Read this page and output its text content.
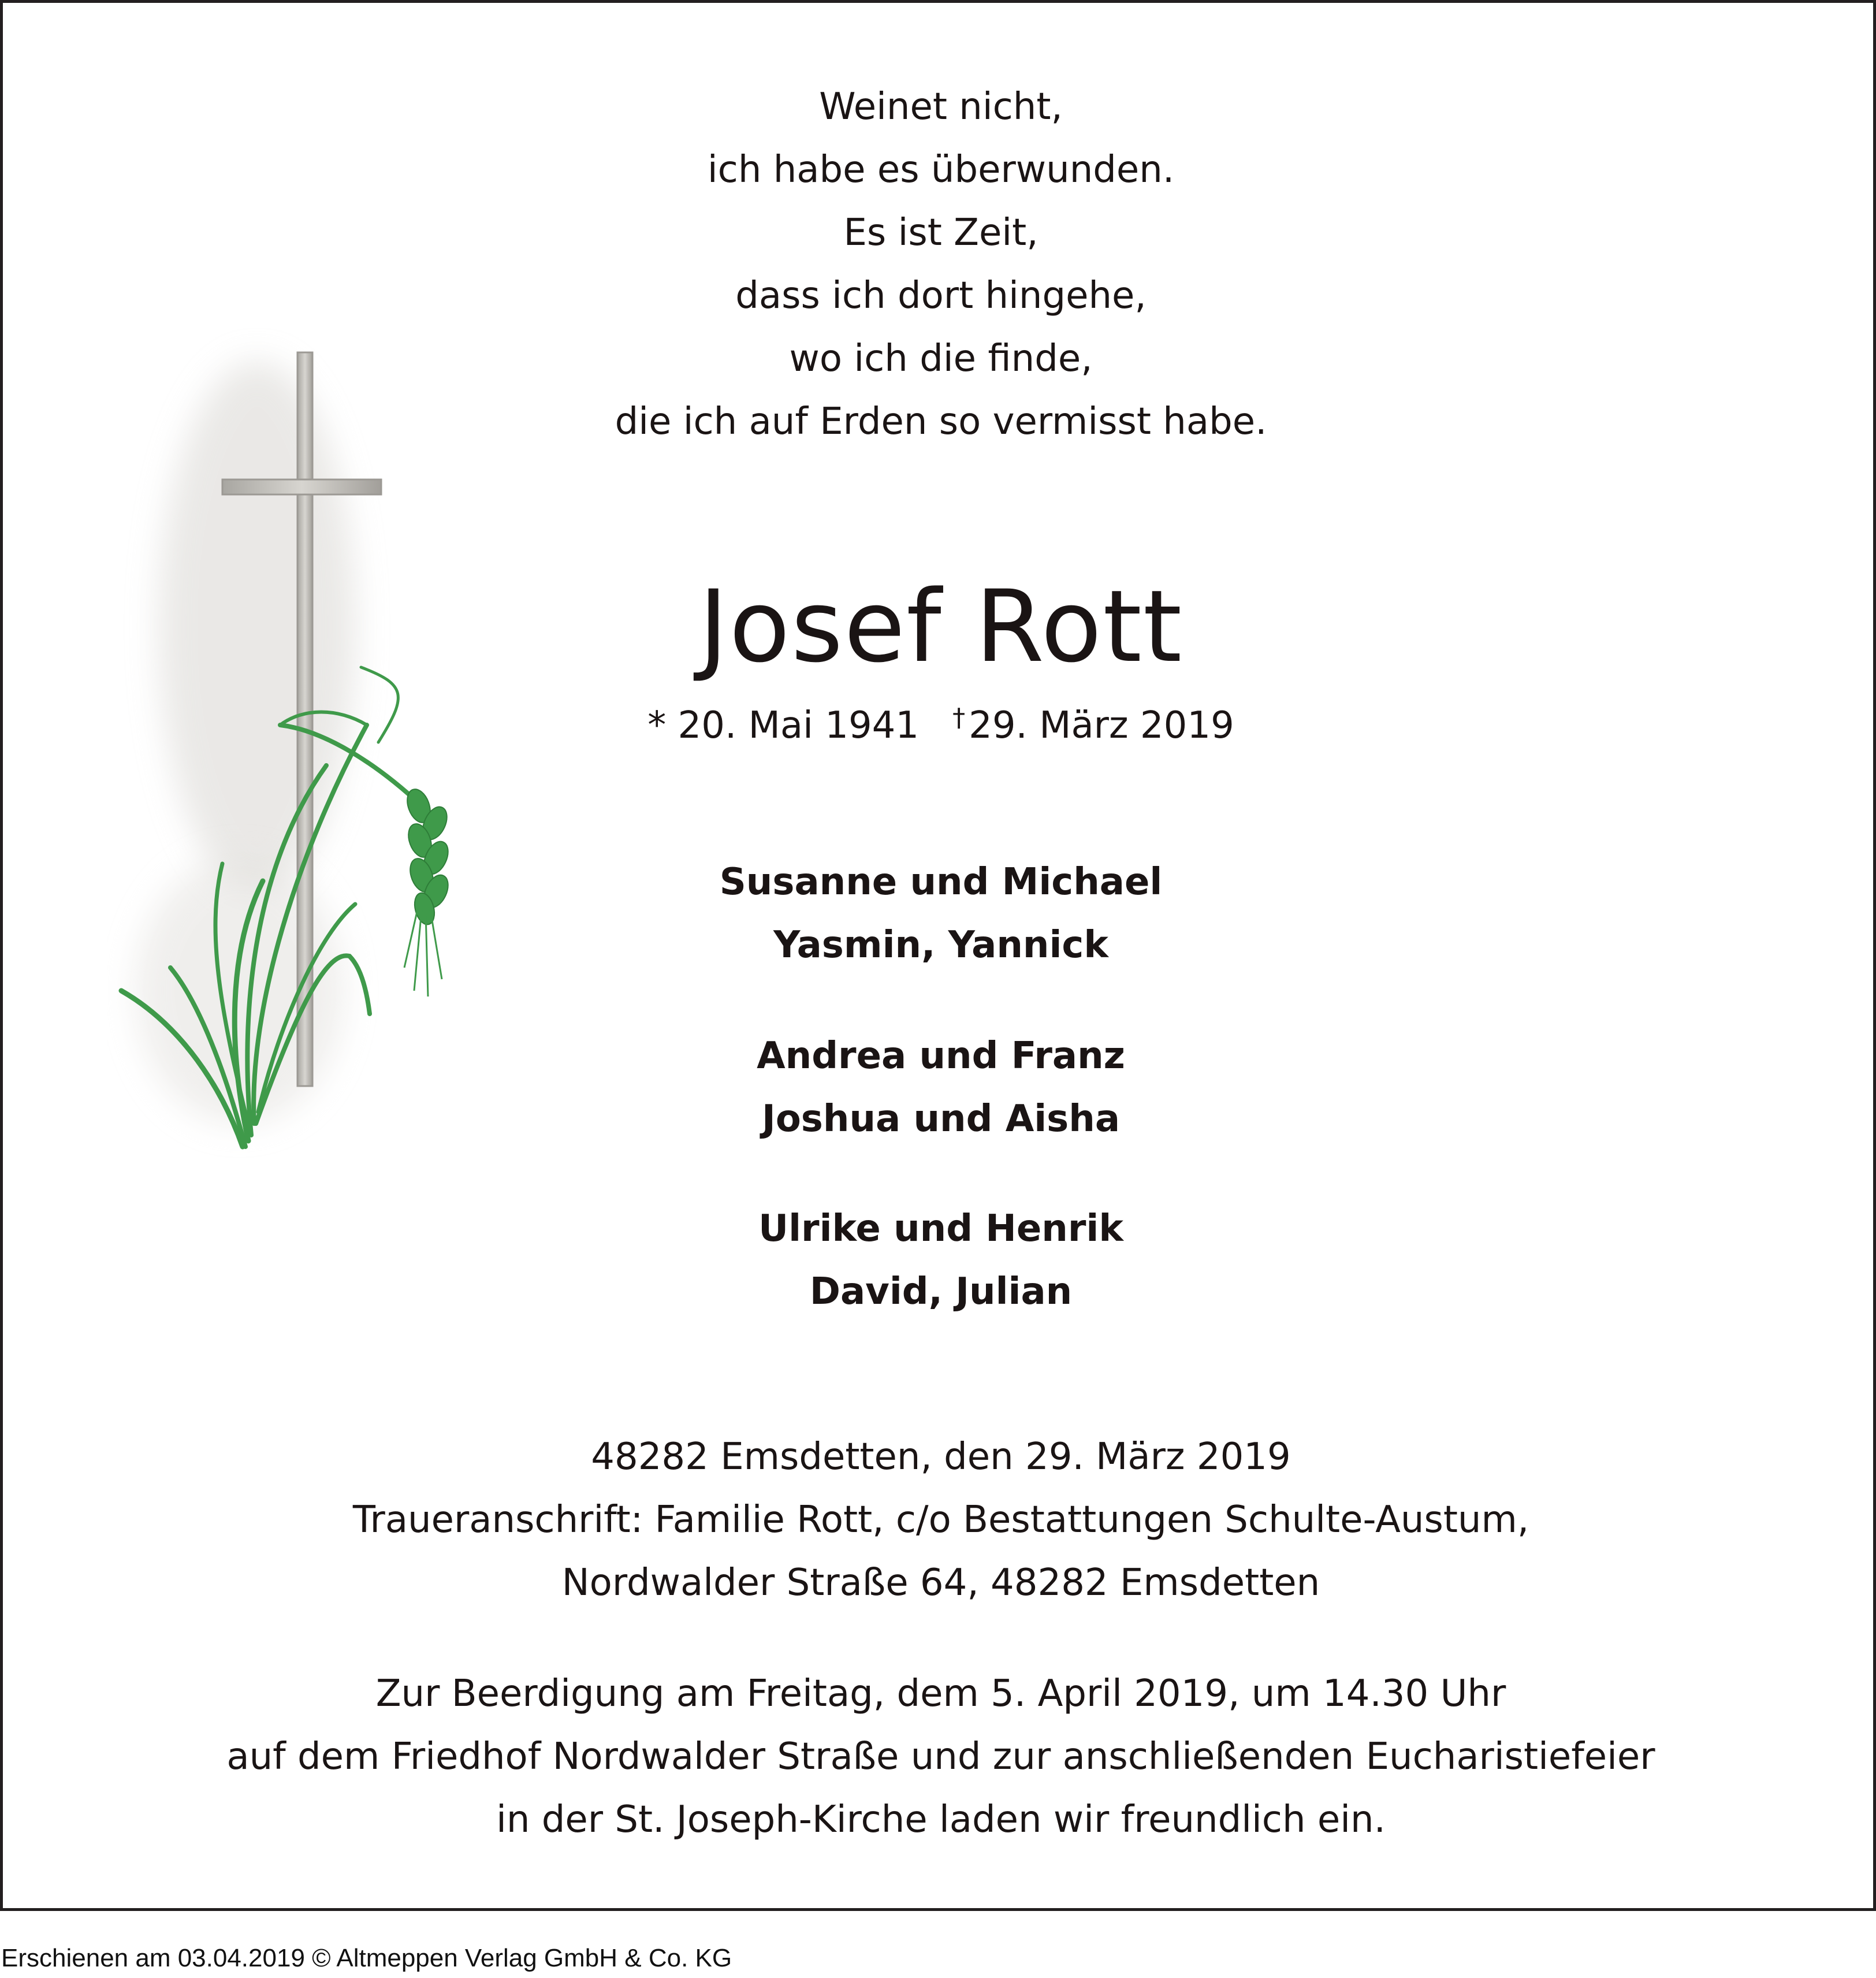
Weinet nicht,
ich habe es überwunden.
Es ist Zeit,
dass ich dort hingehe,
wo ich die finde,
die ich auf Erden so vermisst habe.
Josef Rott
* 20. Mai 1941 †29. März 2019
Susanne und Michael
Yasmin, Yannick
Andrea und Franz
Joshua und Aisha
Ulrike und Henrik
David, Julian
48282 Emsdetten, den 29. März 2019
Traueranschrift: Familie Rott, c/o Bestattungen Schulte-Austum,
Nordwalder Straße 64, 48282 Emsdetten
Zur Beerdigung am Freitag, dem 5. April 2019, um 14.30 Uhr
auf dem Friedhof Nordwalder Straße und zur anschließenden Eucharistiefeier
in der St. Joseph-Kirche laden wir freundlich ein.
Erschienen am 03.04.2019 © Altmeppen Verlag GmbH & Co. KG
